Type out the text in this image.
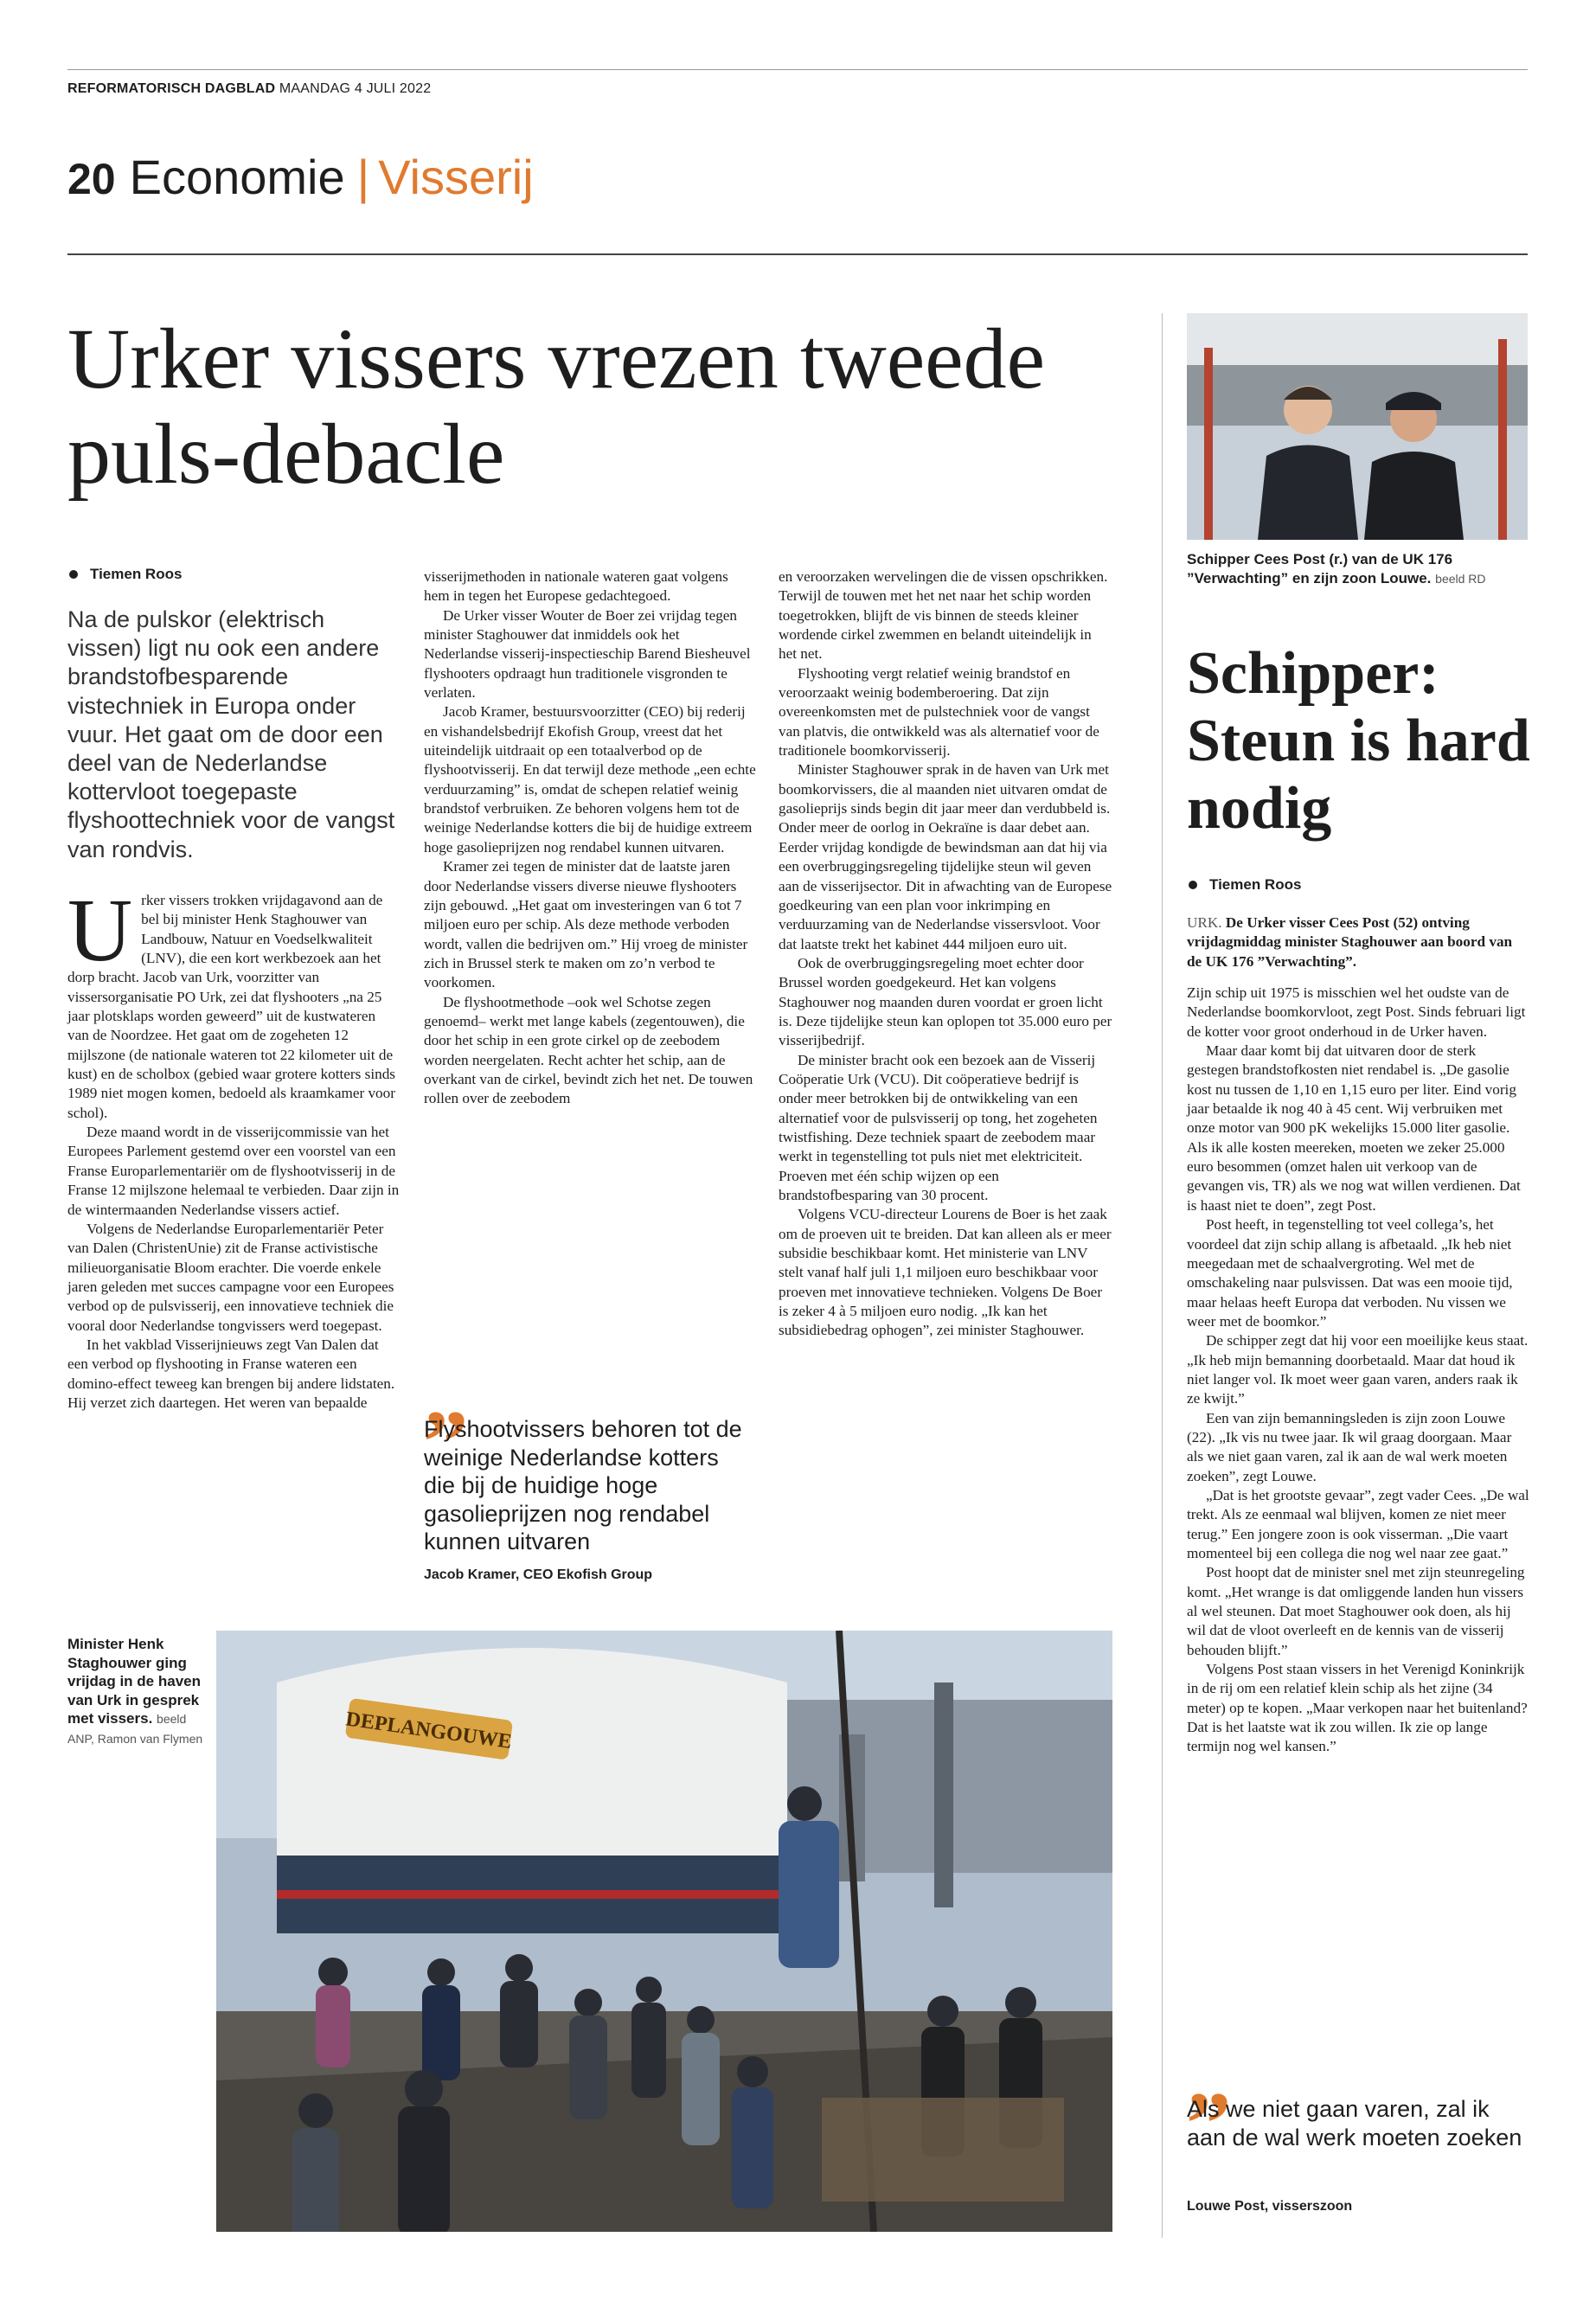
REFORMATORISCH DAGBLAD MAANDAG 4 JULI 2022
20 Economie | Visserij
Urker vissers vrezen tweede puls-debacle
Tiemen Roos

Na de pulskor (elektrisch vissen) ligt nu ook een andere brandstofbesparende vistechniek in Europa onder vuur. Het gaat om de door een deel van de Nederlandse kottervloot toegepaste flyshoottechniek voor de vangst van rondvis.

Urker vissers trokken vrijdagavond aan de bel bij minister Henk Staghouwer van Landbouw, Natuur en Voedselkwaliteit (LNV), die een kort werkbezoek aan het dorp bracht. Jacob van Urk, voorzitter van vissersorganisatie PO Urk, zei dat flyshooters „na 25 jaar plotsklaps worden geweerd” uit de kustwateren van de Noordzee. Het gaat om de zogeheten 12 mijlszone (de nationale wateren tot 22 kilometer uit de kust) en de scholbox (gebied waar grotere kotters sinds 1989 niet mogen komen, bedoeld als kraamkamer voor schol).

Deze maand wordt in de visserijcommissie van het Europees Parlement gestemd over een voorstel van een Franse Europarlementariër om de flyshootvisserij in de Franse 12 mijlszone helemaal te verbieden. Daar zijn in de wintermaanden Nederlandse vissers actief.

Volgens de Nederlandse Europarlementariër Peter van Dalen (ChristenUnie) zit de Franse activistische milieuorganisatie Bloom erachter. Die voerde enkele jaren geleden met succes campagne voor een Europees verbod op de pulsvisserij, een innovatieve techniek die vooral door Nederlandse tongvissers werd toegepast.

In het vakblad Visserijnieuws zegt Van Dalen dat een verbod op flyshooting in Franse wateren een domino-effect teweeg kan brengen bij andere lidstaten. Hij verzet zich daartegen. Het weren van bepaalde

visserijmethoden in nationale wateren gaat volgens hem in tegen het Europese gedachtegoed.

De Urker visser Wouter de Boer zei vrijdag tegen minister Staghouwer dat inmiddels ook het Nederlandse visserij-inspectieschip Barend Biesheuvel flyshooters opdraagt hun traditionele visgronden te verlaten.

Jacob Kramer, bestuursvoorzitter (CEO) bij rederij en vishandelsbedrijf Ekofish Group, vreest dat het uiteindelijk uitdraait op een totaalverbod op de flyshootvisserij. En dat terwijl deze methode „een echte verduurzaming” is, omdat de schepen relatief weinig brandstof verbruiken. Ze behoren volgens hem tot de weinige Nederlandse kotters die bij de huidige extreem hoge gasolieprijzen nog rendabel kunnen uitvaren.

Kramer zei tegen de minister dat de laatste jaren door Nederlandse vissers diverse nieuwe flyshooters zijn gebouwd. „Het gaat om investeringen van 6 tot 7 miljoen euro per schip. Als deze methode verboden wordt, vallen die bedrijven om.” Hij vroeg de minister zich in Brussel sterk te maken om zo’n verbod te voorkomen.

De flyshootmethode –ook wel Schotse zegen genoemd– werkt met lange kabels (zegentouwen), die door het schip in een grote cirkel op de zeebodem worden neergelaten. Recht achter het schip, aan de overkant van de cirkel, bevindt zich het net. De touwen rollen over de zeebodem

en veroorzaken wervelingen die de vissen opschrikken. Terwijl de touwen met het net naar het schip worden toegetrokken, blijft de vis binnen de steeds kleiner wordende cirkel zwemmen en belandt uiteindelijk in het net.

Flyshooting vergt relatief weinig brandstof en veroorzaakt weinig bodemberoering. Dat zijn overeenkomsten met de pulstechniek voor de vangst van platvis, die ontwikkeld was als alternatief voor de traditionele boomkorvisserij.

Minister Staghouwer sprak in de haven van Urk met boomkorvissers, die al maanden niet uitvaren omdat de gasolieprijs sinds begin dit jaar meer dan verdubbeld is. Onder meer de oorlog in Oekraïne is daar debet aan. Eerder vrijdag kondigde de bewindsman aan dat hij via een overbruggingsregeling tijdelijke steun wil geven aan de visserijsector. Dit in afwachting van de Europese goedkeuring van een plan voor inkrimping en verduurzaming van de Nederlandse vissersvloot. Voor dat laatste trekt het kabinet 444 miljoen euro uit.

Ook de overbruggingsregeling moet echter door Brussel worden goedgekeurd. Het kan volgens Staghouwer nog maanden duren voordat er groen licht is. Deze tijdelijke steun kan oplopen tot 35.000 euro per visserijbedrijf.

De minister bracht ook een bezoek aan de Visserij Coöperatie Urk (VCU). Dit coöperatieve bedrijf is onder meer betrokken bij de ontwikkeling van een alternatief voor de pulsvisserij op tong, het zogeheten twistfishing. Deze techniek spaart de zeebodem maar werkt in tegenstelling tot puls niet met elektriciteit. Proeven met één schip wijzen op een brandstofbesparing van 30 procent.

Volgens VCU-directeur Lourens de Boer is het zaak om de proeven uit te breiden. Dat kan alleen als er meer subsidie beschikbaar komt. Het ministerie van LNV stelt vanaf half juli 1,1 miljoen euro beschikbaar voor proeven met innovatieve technieken. Volgens De Boer is zeker 4 à 5 miljoen euro nodig. „Ik kan het subsidiebedrag ophogen”, zei minister Staghouwer.

„

Flyshootvissers behoren tot de weinige Nederlandse kotters die bij de huidige hoge gasolieprijzen nog rendabel kunnen uitvaren

Jacob Kramer, CEO Ekofish Group
Minister Henk Staghouwer ging vrijdag in de haven van Urk in gesprek met vissers. beeld ANP, Ramon van Flymen	DEPLANGOUWE
Schipper Cees Post (r.) van de UK 176 ”Verwachting” en zijn zoon Louwe. beeld RD
Schipper: Steun is hard nodig
Tiemen Roos

URK. De Urker visser Cees Post (52) ontving vrijdagmiddag minister Staghouwer aan boord van de UK 176 ”Verwachting”.

Zijn schip uit 1975 is misschien wel het oudste van de Nederlandse boomkorvloot, zegt Post. Sinds februari ligt de kotter voor groot onderhoud in de Urker haven.

Maar daar komt bij dat uitvaren door de sterk gestegen brandstofkosten niet rendabel is. „De gasolie kost nu tussen de 1,10 en 1,15 euro per liter. Eind vorig jaar betaalde ik nog 40 à 45 cent. Wij verbruiken met onze motor van 900 pK wekelijks 15.000 liter gasolie. Als ik alle kosten meereken, moeten we zeker 25.000 euro besommen (omzet halen uit verkoop van de gevangen vis, TR) als we nog wat willen verdienen. Dat is haast niet te doen”, zegt Post.

Post heeft, in tegenstelling tot veel collega’s, het voordeel dat zijn schip allang is afbetaald. „Ik heb niet meegedaan met de schaalvergroting. Wel met de omschakeling naar pulsvissen. Dat was een mooie tijd, maar helaas heeft Europa dat verboden. Nu vissen we weer met de boomkor.”

De schipper zegt dat hij voor een moeilijke keus staat. „Ik heb mijn bemanning doorbetaald. Maar dat houd ik niet langer vol. Ik moet weer gaan varen, anders raak ik ze kwijt.”

Een van zijn bemanningsleden is zijn zoon Louwe (22). „Ik vis nu twee jaar. Ik wil graag doorgaan. Maar als we niet gaan varen, zal ik aan de wal werk moeten zoeken”, zegt Louwe.

„Dat is het grootste gevaar”, zegt vader Cees. „De wal trekt. Als ze eenmaal wal blijven, komen ze niet meer terug.” Een jongere zoon is ook visserman. „Die vaart momenteel bij een collega die nog wel naar zee gaat.”

Post hoopt dat de minister snel met zijn steunregeling komt. „Het wrange is dat omliggende landen hun vissers al wel steunen. Dat moet Staghouwer ook doen, als hij wil dat de vloot overleeft en de kennis van de visserij behouden blijft.”

Volgens Post staan vissers in het Verenigd Koninkrijk in de rij om een relatief klein schip als het zijne (34 meter) op te kopen. „Maar verkopen naar het buitenland? Dat is het laatste wat ik zou willen. Ik zie op lange termijn nog wel kansen.”

„

Als we niet gaan varen, zal ik aan de wal werk moeten zoeken

Louwe Post, visserszoon
